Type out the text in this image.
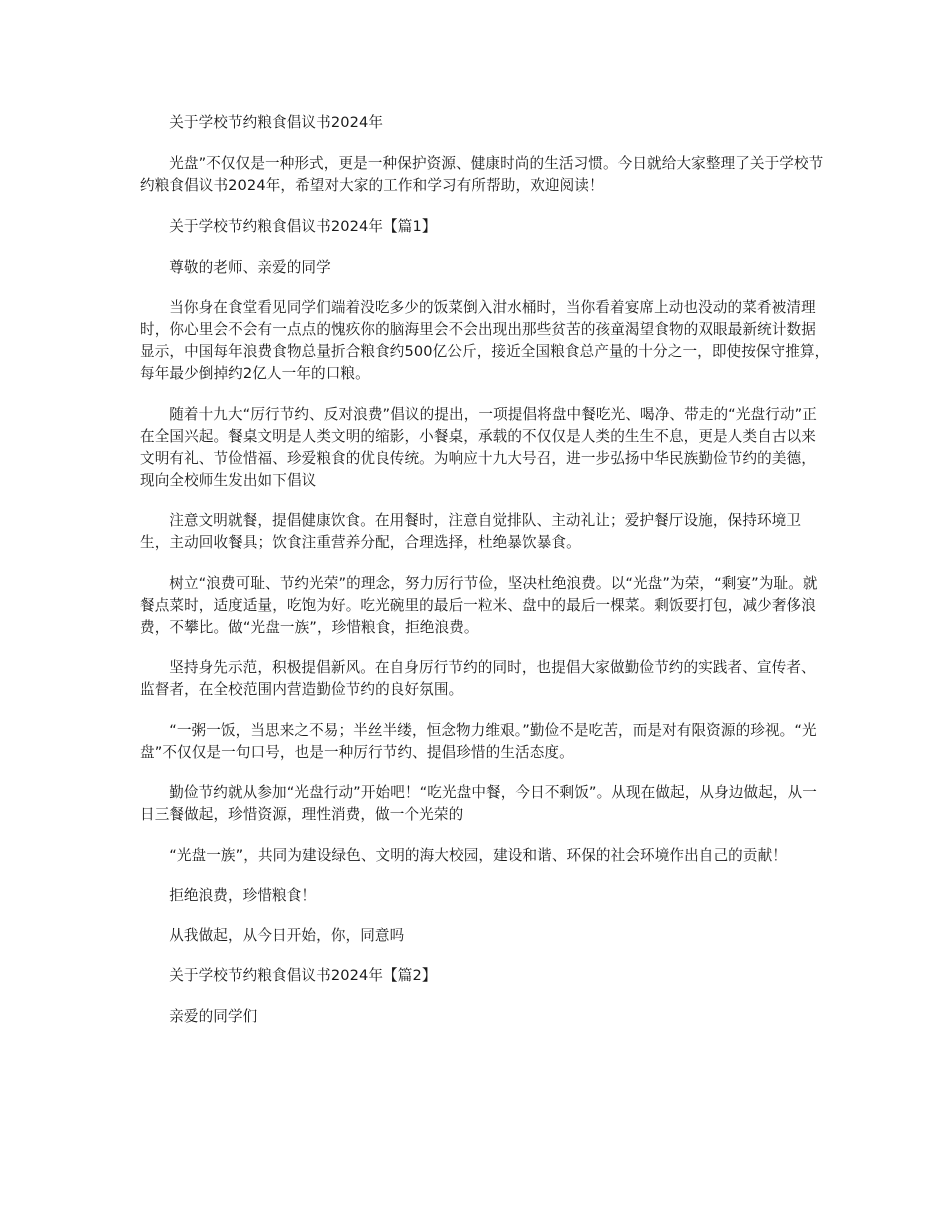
关于学校节约粮食倡议书2024年

光盘”不仅仅是一种形式，更是一种保护资源、健康时尚的生活习惯。今日就给大家整理了关于学校节约粮食倡议书2024年，希望对大家的工作和学习有所帮助，欢迎阅读！

关于学校节约粮食倡议书2024年【篇1】

尊敬的老师、亲爱的同学

当你身在食堂看见同学们端着没吃多少的饭菜倒入泔水桶时，当你看着宴席上动也没动的菜肴被清理时，你心里会不会有一点点的愧疚你的脑海里会不会出现出那些贫苦的孩童渴望食物的双眼最新统计数据显示，中国每年浪费食物总量折合粮食约500亿公斤，接近全国粮食总产量的十分之一，即使按保守推算，每年最少倒掉约2亿人一年的口粮。

随着十九大“厉行节约、反对浪费”倡议的提出，一项提倡将盘中餐吃光、喝净、带走的“光盘行动”正在全国兴起。餐桌文明是人类文明的缩影，小餐桌，承载的不仅仅是人类的生生不息，更是人类自古以来文明有礼、节俭惜福、珍爱粮食的优良传统。为响应十九大号召，进一步弘扬中华民族勤俭节约的美德，现向全校师生发出如下倡议

注意文明就餐，提倡健康饮食。在用餐时，注意自觉排队、主动礼让；爱护餐厅设施，保持环境卫生，主动回收餐具；饮食注重营养分配，合理选择，杜绝暴饮暴食。

树立“浪费可耻、节约光荣”的理念，努力厉行节俭，坚决杜绝浪费。以“光盘”为荣，“剩宴”为耻。就餐点菜时，适度适量，吃饱为好。吃光碗里的最后一粒米、盘中的最后一棵菜。剩饭要打包，减少奢侈浪费，不攀比。做“光盘一族”，珍惜粮食，拒绝浪费。

坚持身先示范，积极提倡新风。在自身厉行节约的同时，也提倡大家做勤俭节约的实践者、宣传者、监督者，在全校范围内营造勤俭节约的良好氛围。

“一粥一饭，当思来之不易；半丝半缕，恒念物力维艰。”勤俭不是吃苦，而是对有限资源的珍视。“光盘”不仅仅是一句口号，也是一种厉行节约、提倡珍惜的生活态度。

勤俭节约就从参加“光盘行动”开始吧！“吃光盘中餐，今日不剩饭”。从现在做起，从身边做起，从一日三餐做起，珍惜资源，理性消费，做一个光荣的

“光盘一族”，共同为建设绿色、文明的海大校园，建设和谐、环保的社会环境作出自己的贡献！

拒绝浪费，珍惜粮食！

从我做起，从今日开始，你，同意吗

关于学校节约粮食倡议书2024年【篇2】

亲爱的同学们
